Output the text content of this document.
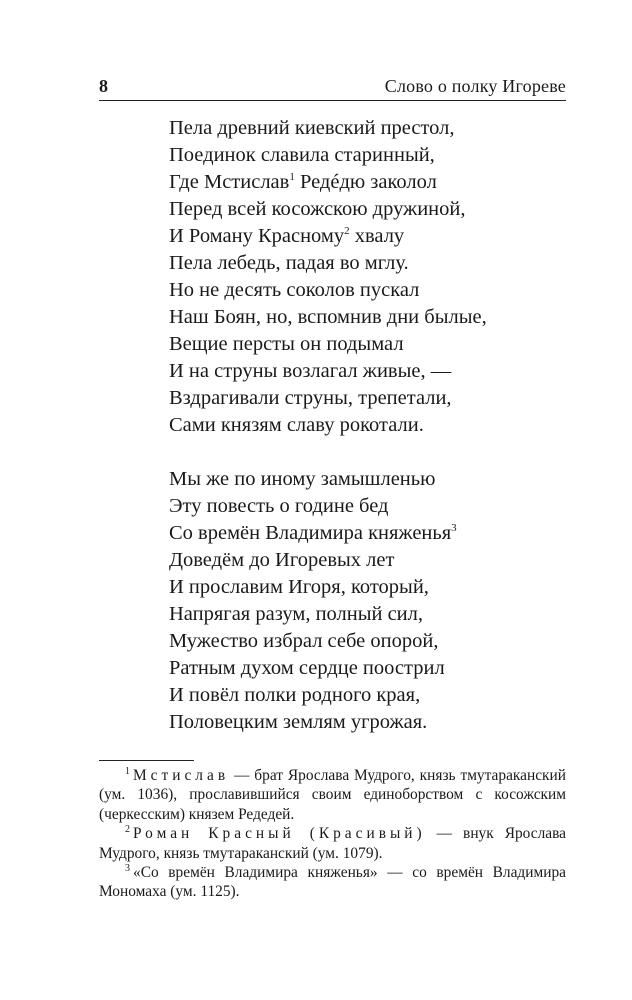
8	Слово о полку Игореве
Пела древний киевский престол,
Поединок славила старинный,
Где Мстислав$^1$ Редéдю заколол
Перед всей косожскою дружиной,
И Роману Красному$^2$ хвалу
Пела лебедь, падая во мглу.
Но не десять соколов пускал
Наш Боян, но, вспомнив дни былые,
Вещие персты он подымал
И на струны возлагал живые, —
Вздрагивали струны, трепетали,
Сами князям славу рокотали.
Мы же по иному замышленью
Эту повесть о године бед
Со времён Владимира княженья$^3$
Доведём до Игоревых лет
И прославим Игоря, который,
Напрягая разум, полный сил,
Мужество избрал себе опорой,
Ратным духом сердце поострил
И повёл полки родного края,
Половецким землям угрожая.

$^1$ Мстислав — брат Ярослава Мудрого, князь тмутараканский (ум. 1036), прославившийся своим единоборством с косожским (черкесским) князем Редедей.

$^2$ Роман Красный (Красивый) — внук Ярослава Мудрого, князь тмутараканский (ум. 1079).

$^3$ «Со времён Владимира княженья» — со времён Владимира Мономаха (ум. 1125).
